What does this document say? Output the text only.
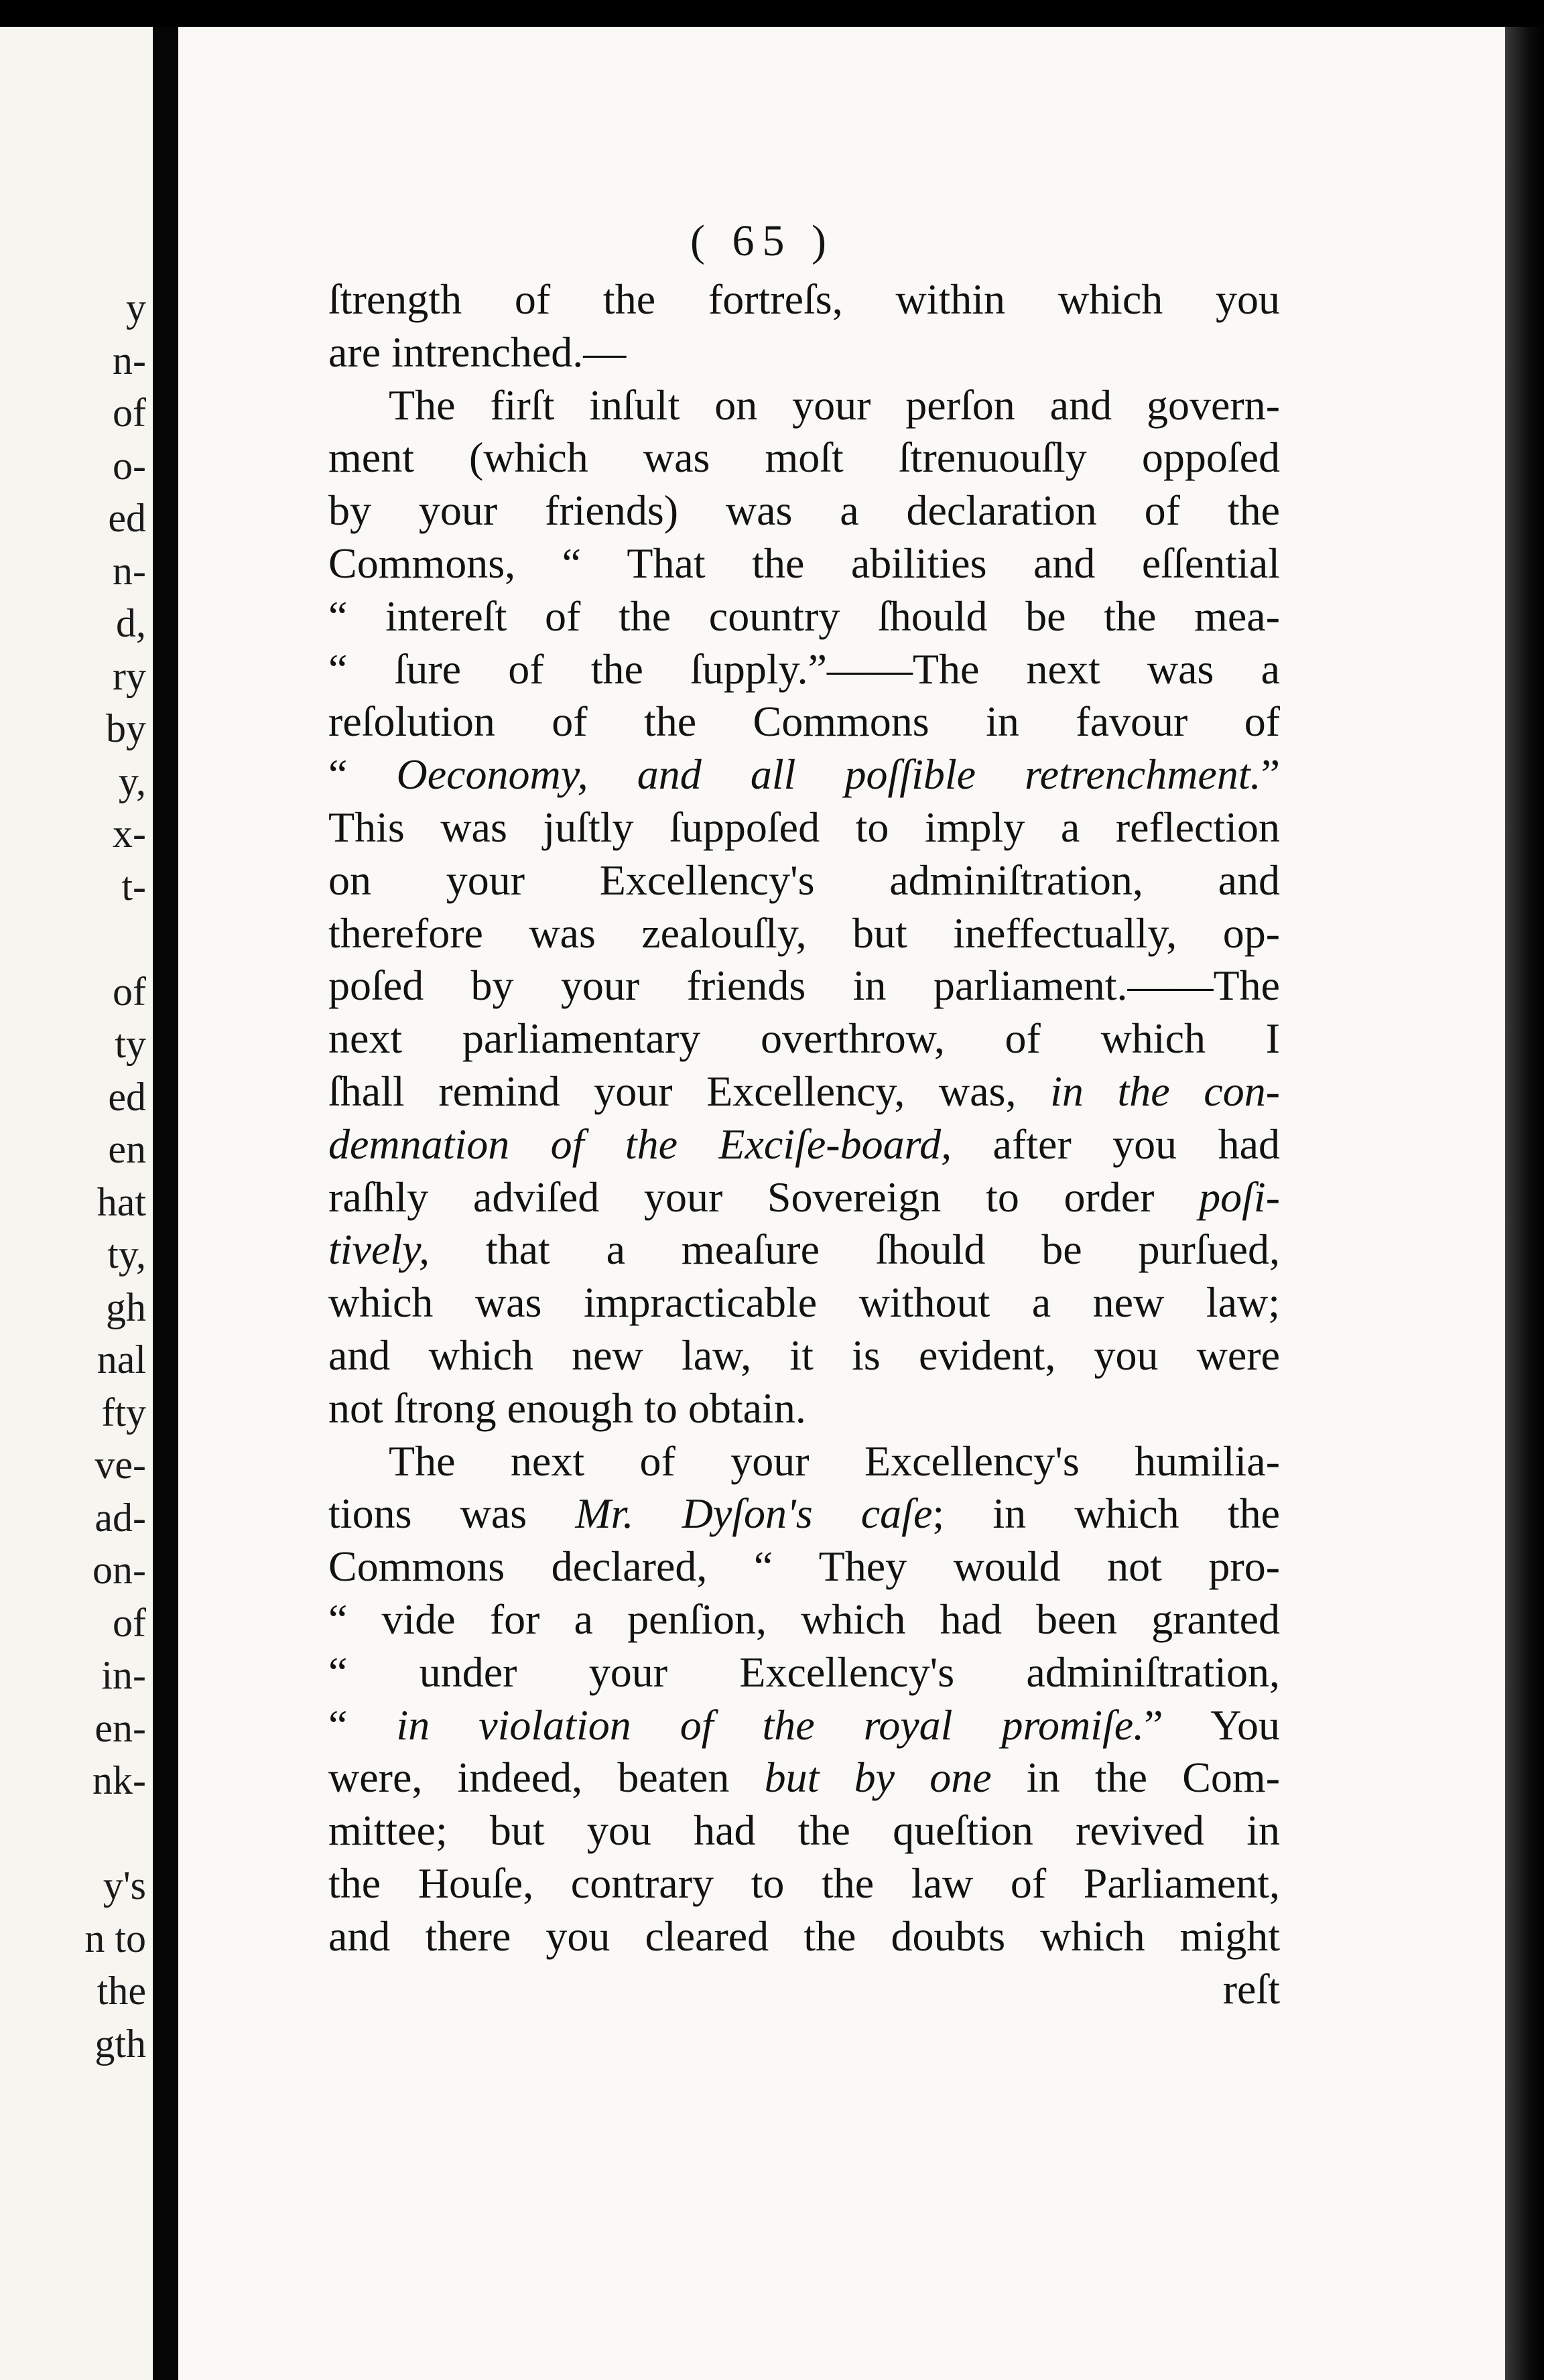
y
n-
of
o-
ed
n-
d,
ry
by
y,
x-
t-

of
ty
ed
en
hat
ty,
gh
nal
fty
ve-
ad-
on-
of
in-
en-
nk-

y's
n to
the
gth
( 65 )
ſtrength of the fortreſs, within which you
are intrenched.—
The firſt inſult on your perſon and govern-
ment (which was moſt ſtrenuouſly oppoſed
by your friends) was a declaration of the
Commons, “ That the abilities and eſſential
“ intereſt of the country ſhould be the mea-
“ ſure of the ſupply.”——The next was a
reſolution of the Commons in favour of
“ Oeconomy, and all poſſible retrenchment.”
This was juſtly ſuppoſed to imply a reflection
on your Excellency's adminiſtration, and
therefore was zealouſly, but ineffectually, op-
poſed by your friends in parliament.——The
next parliamentary overthrow, of which I
ſhall remind your Excellency, was, in the con-
demnation of the Exciſe-board, after you had
raſhly adviſed your Sovereign to order poſi-
tively, that a meaſure ſhould be purſued,
which was impracticable without a new law;
and which new law, it is evident, you were
not ſtrong enough to obtain.
The next of your Excellency's humilia-
tions was Mr. Dyſon's caſe; in which the
Commons declared, “ They would not pro-
“ vide for a penſion, which had been granted
“ under your Excellency's adminiſtration,
“ in violation of the royal promiſe.” You
were, indeed, beaten but by one in the Com-
mittee; but you had the queſtion revived in
the Houſe, contrary to the law of Parliament,
and there you cleared the doubts which might
reſt
